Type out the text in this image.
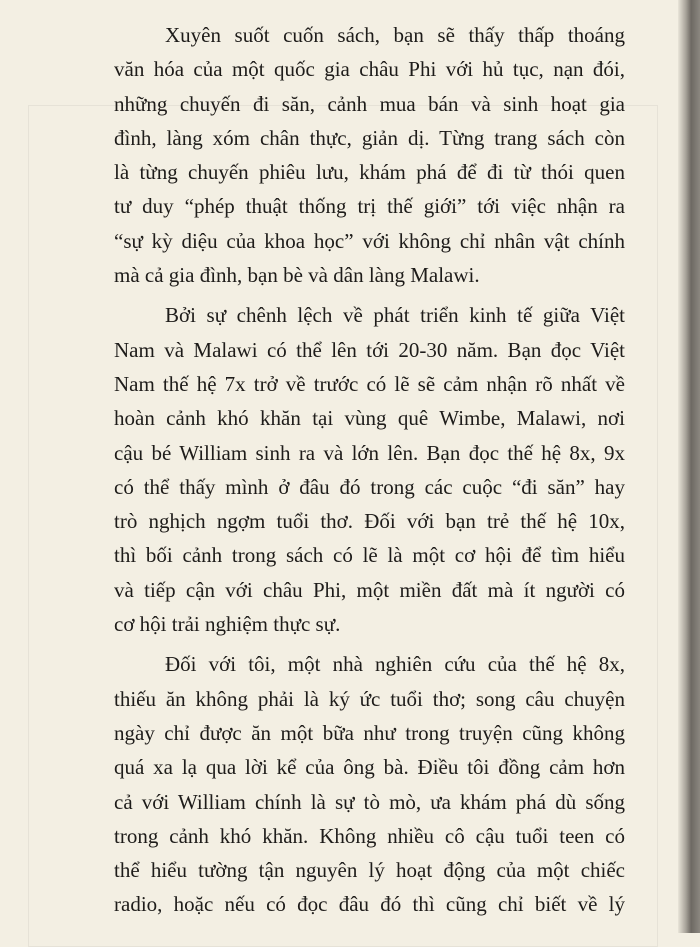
Xuyên suốt cuốn sách, bạn sẽ thấy thấp thoáng
văn hóa của một quốc gia châu Phi với hủ tục, nạn đói,
những chuyến đi săn, cảnh mua bán và sinh hoạt gia
đình, làng xóm chân thực, giản dị. Từng trang sách còn
là từng chuyến phiêu lưu, khám phá để đi từ thói quen
tư duy “phép thuật thống trị thế giới” tới việc nhận ra
“sự kỳ diệu của khoa học” với không chỉ nhân vật chính
mà cả gia đình, bạn bè và dân làng Malawi.
Bởi sự chênh lệch về phát triển kinh tế giữa Việt
Nam và Malawi có thể lên tới 20-30 năm. Bạn đọc Việt
Nam thế hệ 7x trở về trước có lẽ sẽ cảm nhận rõ nhất về
hoàn cảnh khó khăn tại vùng quê Wimbe, Malawi, nơi
cậu bé William sinh ra và lớn lên. Bạn đọc thế hệ 8x, 9x
có thể thấy mình ở đâu đó trong các cuộc “đi săn” hay
trò nghịch ngợm tuổi thơ. Đối với bạn trẻ thế hệ 10x,
thì bối cảnh trong sách có lẽ là một cơ hội để tìm hiểu
và tiếp cận với châu Phi, một miền đất mà ít người có
cơ hội trải nghiệm thực sự.
Đối với tôi, một nhà nghiên cứu của thế hệ 8x,
thiếu ăn không phải là ký ức tuổi thơ; song câu chuyện
ngày chỉ được ăn một bữa như trong truyện cũng không
quá xa lạ qua lời kể của ông bà. Điều tôi đồng cảm hơn
cả với William chính là sự tò mò, ưa khám phá dù sống
trong cảnh khó khăn. Không nhiều cô cậu tuổi teen có
thể hiểu tường tận nguyên lý hoạt động của một chiếc
radio, hoặc nếu có đọc đâu đó thì cũng chỉ biết về lý
